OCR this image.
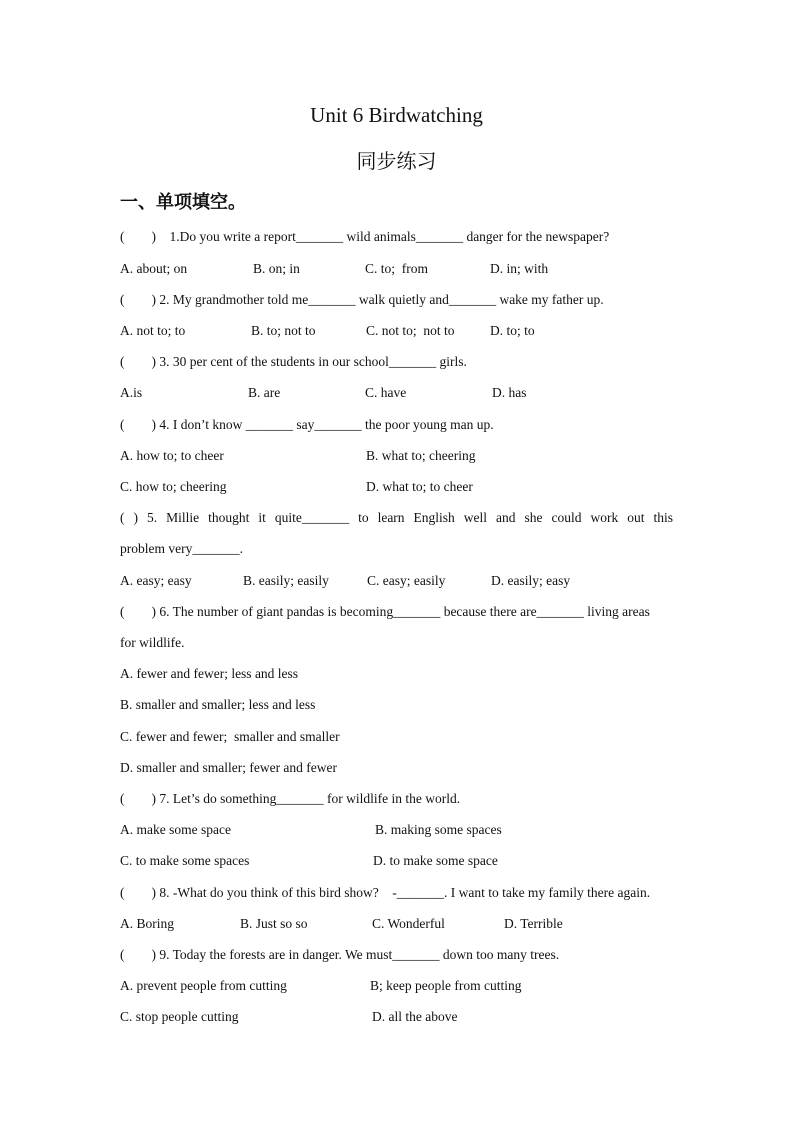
Unit 6 Birdwatching
同步练习
一、单项填空。
(        )    1.Do you write a report_______ wild animals_______ danger for the newspaper?
A. about; on	B. on; in	C. to;  from	D. in; with
(        ) 2. My grandmother told me_______ walk quietly and_______ wake my father up.
A. not to; to	B. to; not to	C. not to;  not to	D. to; to
(        ) 3. 30 per cent of the students in our school_______ girls.
A.is	B. are	C. have	D. has
(        ) 4. I don’t know _______ say_______ the poor young man up.
A. how to; to cheer	B. what to; cheering
C. how to; cheering	D. what to; to cheer
( ) 5. Millie thought it quite_______ to learn English well and she could work out this
problem very_______.
A. easy; easy	B. easily; easily	C. easy; easily	D. easily; easy
(        ) 6. The number of giant pandas is becoming_______ because there are_______ living areas
for wildlife.
A. fewer and fewer; less and less
B. smaller and smaller; less and less
C. fewer and fewer;  smaller and smaller
D. smaller and smaller; fewer and fewer
(        ) 7. Let’s do something_______ for wildlife in the world.
A. make some space	B. making some spaces
C. to make some spaces	D. to make some space
(        ) 8. -What do you think of this bird show?    -_______. I want to take my family there again.
A. Boring	B. Just so so	C. Wonderful	D. Terrible
(        ) 9. Today the forests are in danger. We must_______ down too many trees.
A. prevent people from cutting	B; keep people from cutting
C. stop people cutting	D. all the above
